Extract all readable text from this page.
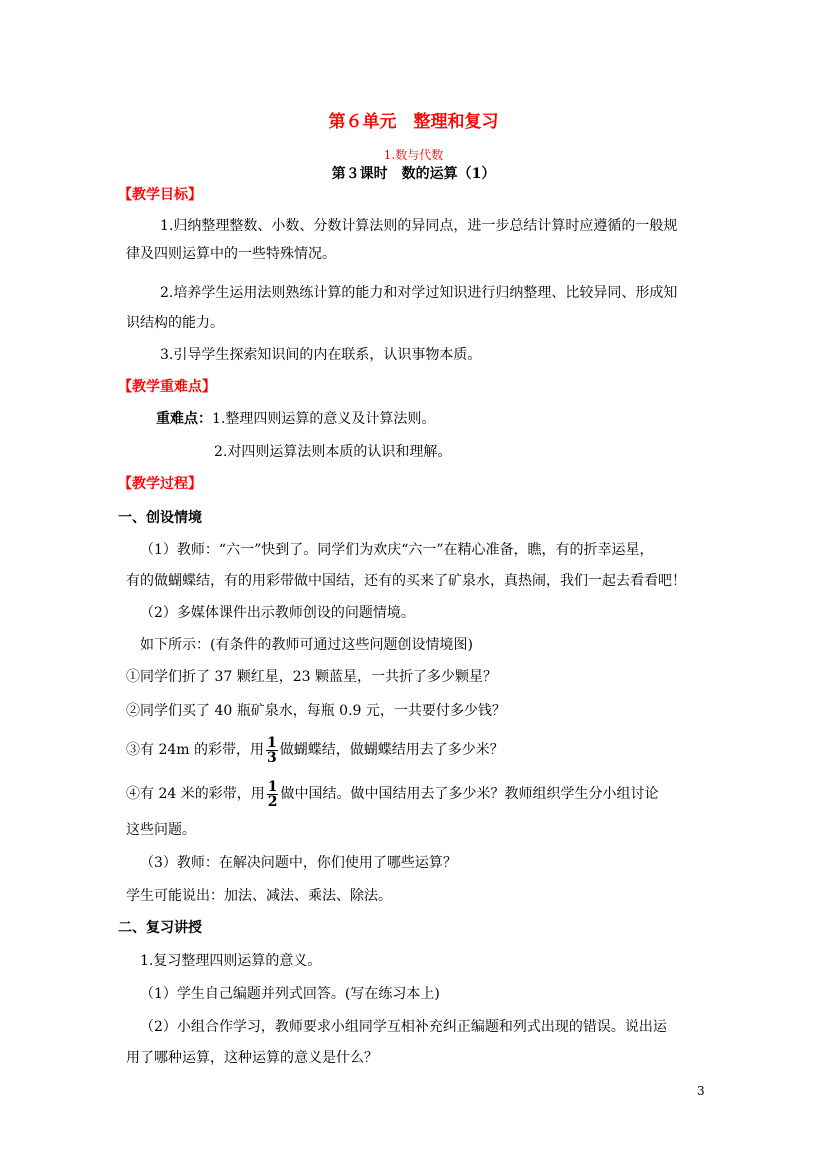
第６单元　整理和复习
1.数与代数
第３课时　数的运算（1）
【教学目标】
1.归纳整理整数、小数、分数计算法则的异同点，进一步总结计算时应遵循的一般规
律及四则运算中的一些特殊情况。
2.培养学生运用法则熟练计算的能力和对学过知识进行归纳整理、比较异同、形成知
识结构的能力。
3.引导学生探索知识间的内在联系，认识事物本质。
【教学重难点】
重难点：1.整理四则运算的意义及计算法则。
2.对四则运算法则本质的认识和理解。
【教学过程】
一、创设情境
（1）教师：“六一”快到了。同学们为欢庆“六一”在精心准备，瞧，有的折幸运星，
有的做蝴蝶结，有的用彩带做中国结，还有的买来了矿泉水，真热闹，我们一起去看看吧！
（2）多媒体课件出示教师创设的问题情境。
如下所示：(有条件的教师可通过这些问题创设情境图)
①同学们折了 37 颗红星，23 颗蓝星，一共折了多少颗星？
②同学们买了 40 瓶矿泉水，每瓶 0.9 元，一共要付多少钱？
③有 24m 的彩带，用 $\frac{1}{3}$ 做蝴蝶结，做蝴蝶结用去了多少米？
④有 24 米的彩带，用 $\frac{1}{2}$ 做中国结。做中国结用去了多少米？教师组织学生分小组讨论
这些问题。
（3）教师：在解决问题中，你们使用了哪些运算？
学生可能说出：加法、减法、乘法、除法。
二、复习讲授
1.复习整理四则运算的意义。
（1）学生自己编题并列式回答。(写在练习本上)
（2）小组合作学习，教师要求小组同学互相补充纠正编题和列式出现的错误。说出运
用了哪种运算，这种运算的意义是什么？
3
